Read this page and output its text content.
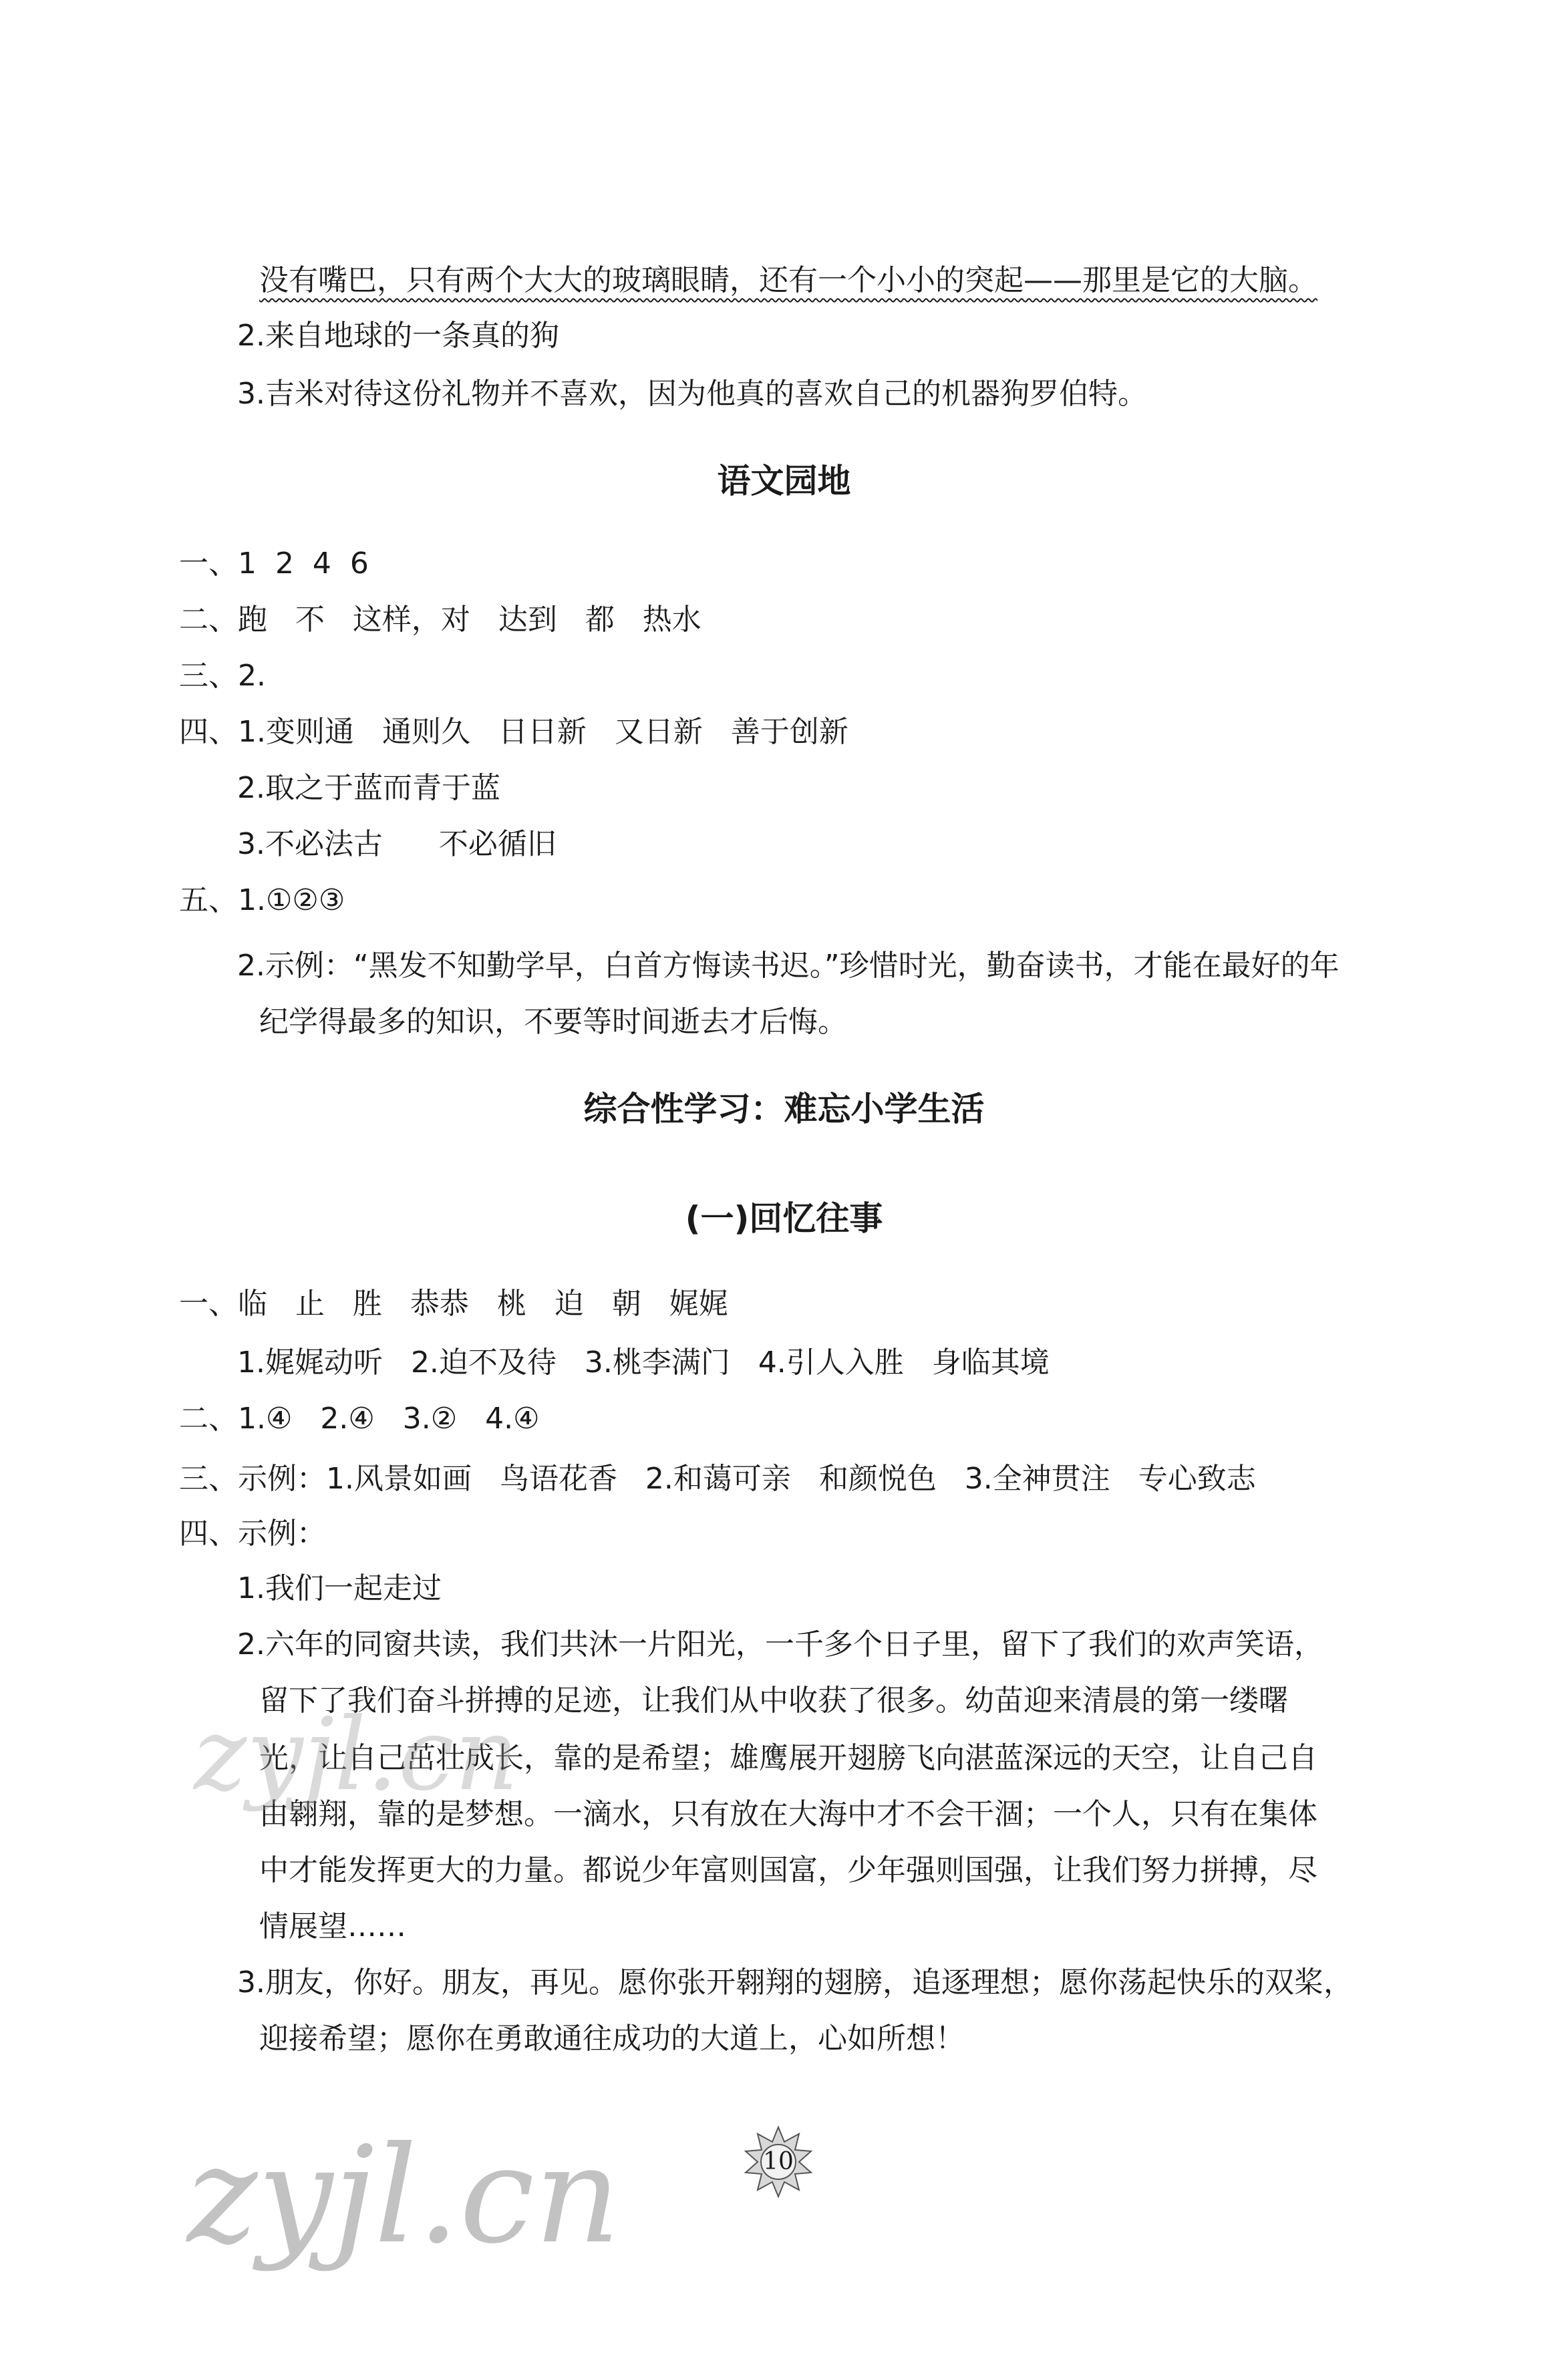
没有嘴巴，只有两个大大的玻璃眼睛，还有一个小小的突起——那里是它的大脑。
2.来自地球的一条真的狗
3.吉米对待这份礼物并不喜欢，因为他真的喜欢自己的机器狗罗伯特。
语文园地
一、1  2  4  6
二、跑   不   这样，对   达到   都   热水
三、2.
四、1.变则通   通则久   日日新   又日新   善于创新
2.取之于蓝而青于蓝
3.不必法古      不必循旧
五、1.①②③
2.示例：“黑发不知勤学早，白首方悔读书迟。”珍惜时光，勤奋读书，才能在最好的年
纪学得最多的知识，不要等时间逝去才后悔。
综合性学习：难忘小学生活
(一)回忆往事
一、临   止   胜   恭恭   桃   迫   朝   娓娓
1.娓娓动听   2.迫不及待   3.桃李满门   4.引人入胜   身临其境
二、1.④   2.④   3.②   4.④
三、示例：1.风景如画   鸟语花香   2.和蔼可亲   和颜悦色   3.全神贯注   专心致志
四、示例：
1.我们一起走过
2.六年的同窗共读，我们共沐一片阳光，一千多个日子里，留下了我们的欢声笑语，
留下了我们奋斗拼搏的足迹，让我们从中收获了很多。幼苗迎来清晨的第一缕曙
光，让自己茁壮成长，靠的是希望；雄鹰展开翅膀飞向湛蓝深远的天空，让自己自
由翱翔，靠的是梦想。一滴水，只有放在大海中才不会干涸；一个人，只有在集体
中才能发挥更大的力量。都说少年富则国富，少年强则国强，让我们努力拼搏，尽
情展望……
3.朋友，你好。朋友，再见。愿你张开翱翔的翅膀，追逐理想；愿你荡起快乐的双桨，
迎接希望；愿你在勇敢通往成功的大道上，心如所想！
zyjl.cn
zyjl.cn	10
